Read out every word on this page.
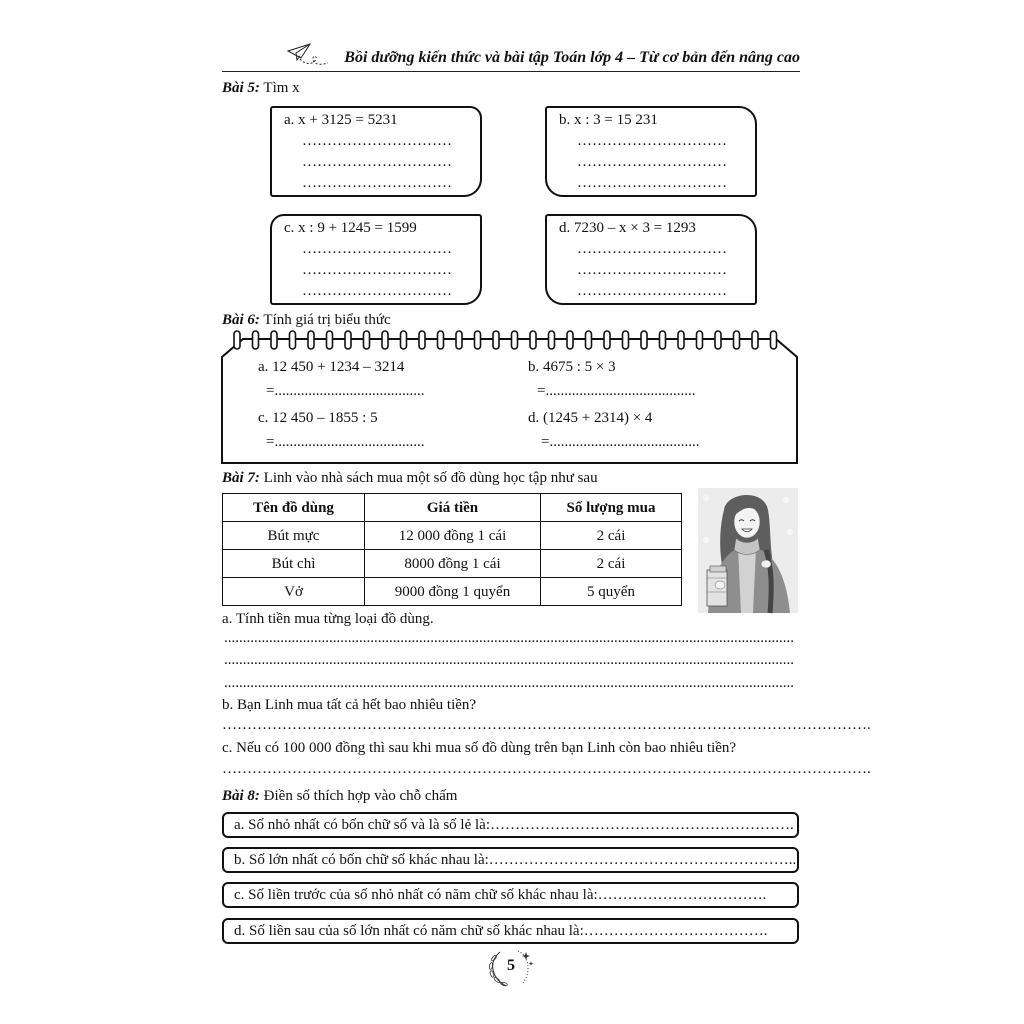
Bồi dưỡng kiến thức và bài tập Toán lớp 4 – Từ cơ bản đến nâng cao
Bài 5: Tìm x
a. x + 3125 = 5231
…………………………
…………………………
…………………………
b. x : 3 = 15 231
…………………………
…………………………
…………………………
c. x : 9 + 1245 = 1599
…………………………
…………………………
…………………………
d. 7230 – x × 3 = 1293
…………………………
…………………………
…………………………
Bài 6: Tính giá trị biểu thức
a. 12 450 + 1234 – 3214
=........................................
b. 4675 : 5 × 3
=........................................
c. 12 450 – 1855 : 5
=........................................
d. (1245 + 2314) × 4
=........................................
Bài 7: Linh vào nhà sách mua một số đồ dùng học tập như sau
Tên đồ dùng	Giá tiền	Số lượng mua
Bút mực	12 000 đồng 1 cái	2 cái
Bút chì	8000 đồng 1 cái	2 cái
Vở	9000 đồng 1 quyển	5 quyển
a. Tính tiền mua từng loại đồ dùng.
........................................................................................................................................................
........................................................................................................................................................
........................................................................................................................................................
b. Bạn Linh mua tất cả hết bao nhiêu tiền?
………………………………………………………………………………………………………………….
c. Nếu có 100 000 đồng thì sau khi mua số đồ dùng trên bạn Linh còn bao nhiêu tiền?
………………………………………………………………………………………………………………….
Bài 8: Điền số thích hợp vào chỗ chấm
a. Số nhỏ nhất có bốn chữ số và là số lẻ là:…………………………………………………….
b. Số lớn nhất có bốn chữ số khác nhau là:……………………………………………………..
c. Số liền trước của số nhỏ nhất có năm chữ số khác nhau là:…………………………….
d. Số liền sau của số lớn nhất có năm chữ số khác nhau là:……………………………….
5
